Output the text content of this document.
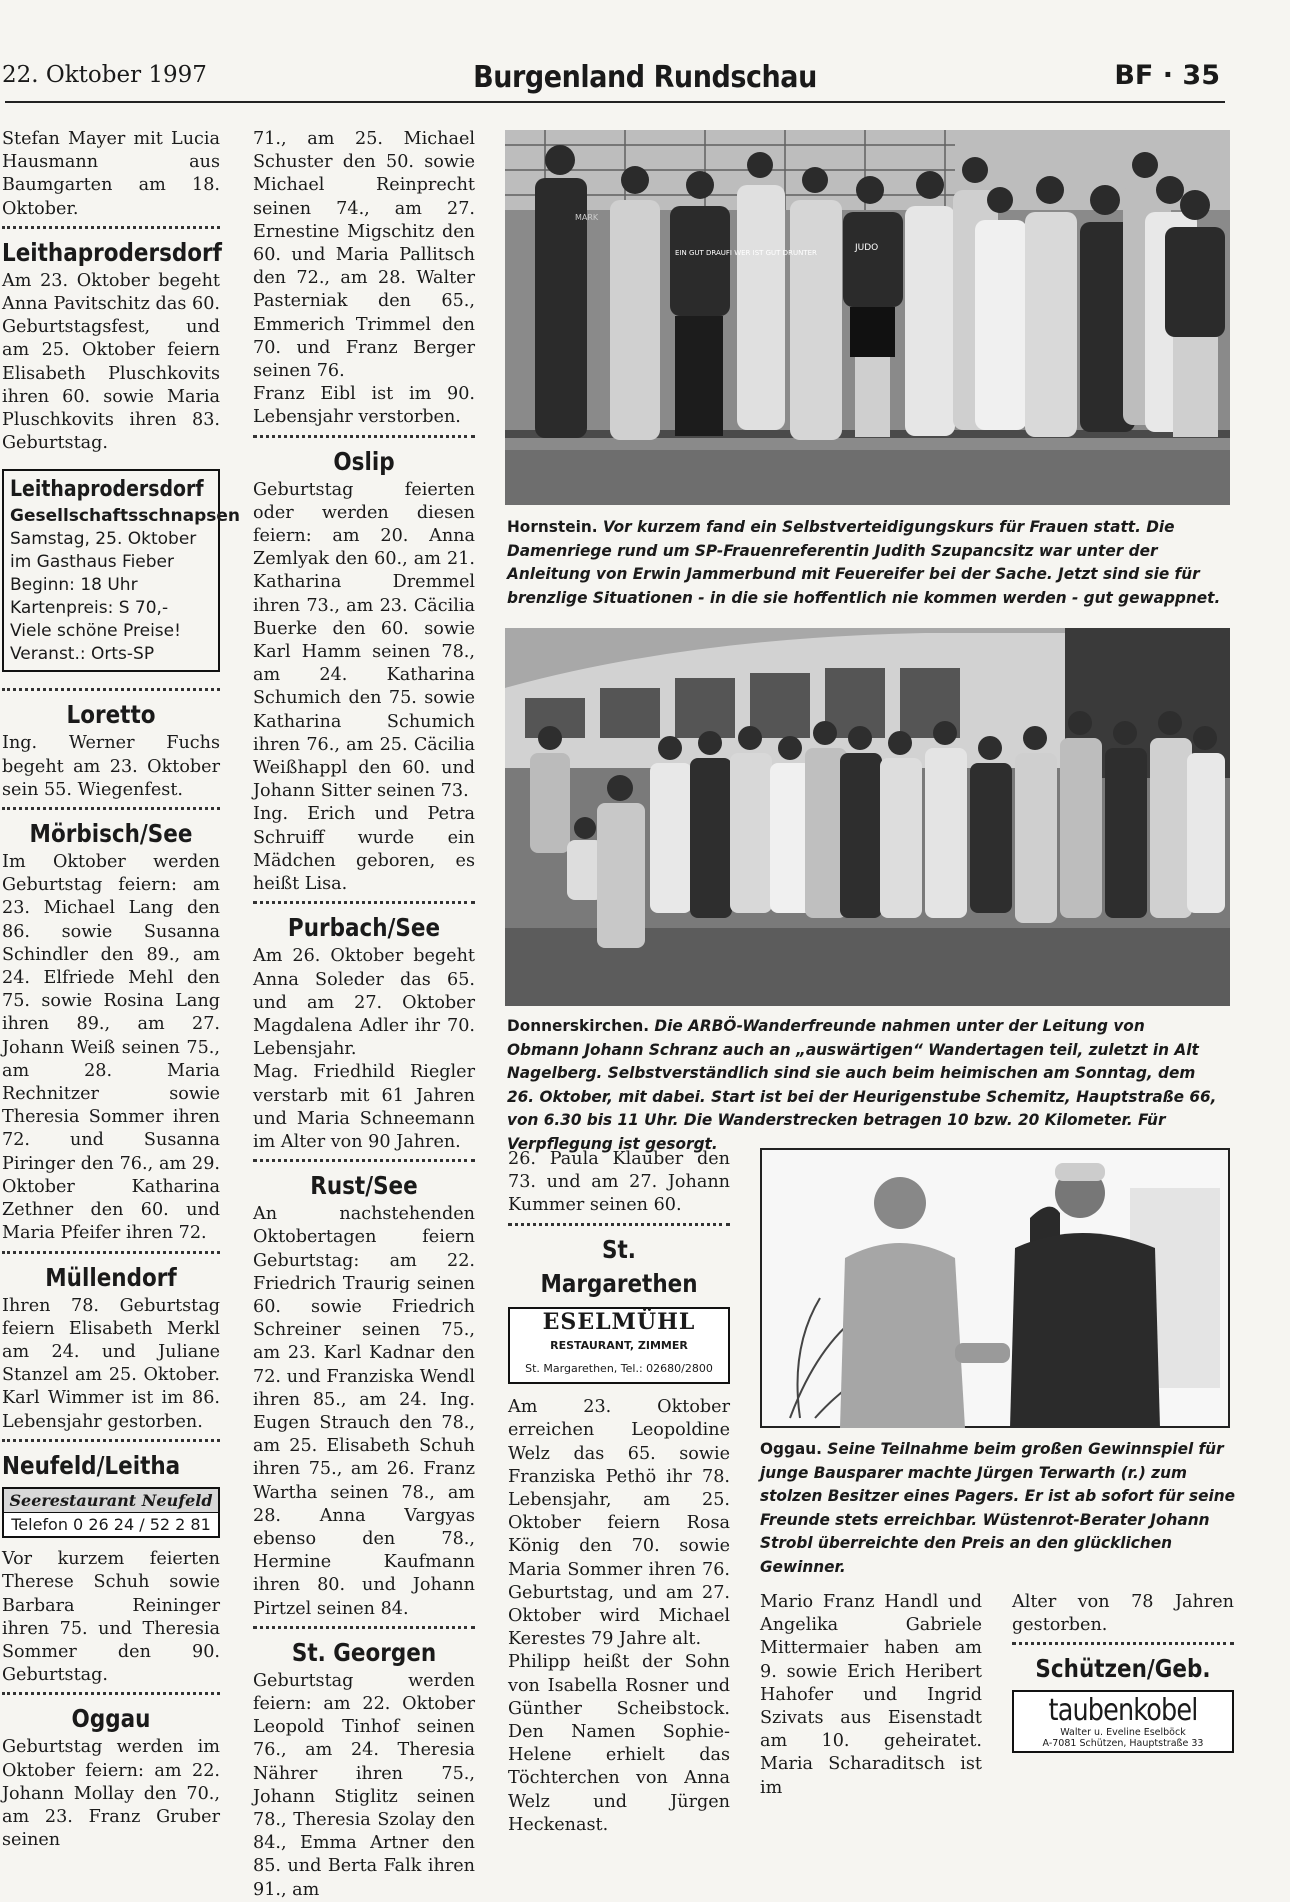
22. Oktober 1997	Burgenland Rundschau	BF · 35

Stefan Mayer mit Lucia Hausmann aus Baumgarten am 18. Oktober.

Leithaprodersdorf

Am 23. Oktober begeht Anna Pavitschitz das 60. Geburtstagsfest, und am 25. Oktober feiern Elisabeth Pluschkovits ihren 60. sowie Maria Pluschkovits ihren 83. Geburtstag.

Leithaprodersdorf
Gesellschaftsschnapsen
Samstag, 25. Oktober
im Gasthaus Fieber
Beginn: 18 Uhr
Kartenpreis: S 70,-
Viele schöne Preise!
Veranst.: Orts-SP
Loretto

Ing. Werner Fuchs begeht am 23. Oktober sein 55. Wiegenfest.

Mörbisch/See

Im Oktober werden Geburtstag feiern: am 23. Michael Lang den 86. sowie Susanna Schindler den 89., am 24. Elfriede Mehl den 75. sowie Rosina Lang ihren 89., am 27. Johann Weiß seinen 75., am 28. Maria Rechnitzer sowie Theresia Sommer ihren 72. und Susanna Piringer den 76., am 29. Oktober Katharina Zethner den 60. und Maria Pfeifer ihren 72.

Müllendorf

Ihren 78. Geburtstag feiern Elisabeth Merkl am 24. und Juliane Stanzel am 25. Oktober. Karl Wimmer ist im 86. Lebensjahr gestorben.

Neufeld/Leitha
Seerestaurant Neufeld
Telefon 0 26 24 / 52 2 81

Vor kurzem feierten Therese Schuh sowie Barbara Reininger ihren 75. und Theresia Sommer den 90. Geburtstag.

Oggau

Geburtstag werden im Oktober feiern: am 22. Johann Mollay den 70., am 23. Franz Gruber seinen

71., am 25. Michael Schuster den 50. sowie Michael Reinprecht seinen 74., am 27. Ernestine Migschitz den 60. und Maria Pallitsch den 72., am 28. Walter Pasterniak den 65., Emmerich Trimmel den 70. und Franz Berger seinen 76.

Franz Eibl ist im 90. Lebensjahr verstorben.

Oslip

Geburtstag feierten oder werden diesen feiern: am 20. Anna Zemlyak den 60., am 21. Katharina Dremmel ihren 73., am 23. Cäcilia Buerke den 60. sowie Karl Hamm seinen 78., am 24. Katharina Schumich den 75. sowie Katharina Schumich ihren 76., am 25. Cäcilia Weißhappl den 60. und Johann Sitter seinen 73.

Ing. Erich und Petra Schruiff wurde ein Mädchen geboren, es heißt Lisa.

Purbach/See

Am 26. Oktober begeht Anna Soleder das 65. und am 27. Oktober Magdalena Adler ihr 70. Lebensjahr.

Mag. Friedhild Riegler verstarb mit 61 Jahren und Maria Schneemann im Alter von 90 Jahren.

Rust/See

An nachstehenden Oktobertagen feiern Geburtstag: am 22. Friedrich Traurig seinen 60. sowie Friedrich Schreiner seinen 75., am 23. Karl Kadnar den 72. und Franziska Wendl ihren 85., am 24. Ing. Eugen Strauch den 78., am 25. Elisabeth Schuh ihren 75., am 26. Franz Wartha seinen 78., am 28. Anna Vargyas ebenso den 78., Hermine Kaufmann ihren 80. und Johann Pirtzel seinen 84.

St. Georgen

Geburtstag werden feiern: am 22. Oktober Leopold Tinhof seinen 76., am 24. Theresia Nährer ihren 75., Johann Stiglitz seinen 78., Theresia Szolay den 84., Emma Artner den 85. und Berta Falk ihren 91., am

EIN GUT DRAUFI WER IST GUT DRUNTER	JUDO
MARK
Hornstein. Vor kurzem fand ein Selbstverteidigungskurs für Frauen statt. Die Damenriege rund um SP-Frauenreferentin Judith Szupancsitz war unter der Anleitung von Erwin Jammerbund mit Feuereifer bei der Sache. Jetzt sind sie für brenzlige Situationen - in die sie hoffentlich nie kommen werden - gut gewappnet.
Donnerskirchen. Die ARBÖ-Wanderfreunde nahmen unter der Leitung von Obmann Johann Schranz auch an „auswärtigen“ Wandertagen teil, zuletzt in Alt Nagelberg. Selbstverständlich sind sie auch beim heimischen am Sonntag, dem 26. Oktober, mit dabei. Start ist bei der Heurigenstube Schemitz, Hauptstraße 66, von 6.30 bis 11 Uhr. Die Wanderstrecken betragen 10 bzw. 20 Kilometer. Für Verpflegung ist gesorgt.

26. Paula Klauber den 73. und am 27. Johann Kummer seinen 60.

St. Margarethen
ESELMÜHL
RESTAURANT, ZIMMER
St. Margarethen, Tel.: 02680/2800

Am 23. Oktober erreichen Leopoldine Welz das 65. sowie Franziska Pethö ihr 78. Lebensjahr, am 25. Oktober feiern Rosa König den 70. sowie Maria Sommer ihren 76. Geburtstag, und am 27. Oktober wird Michael Kerestes 79 Jahre alt.

Philipp heißt der Sohn von Isabella Rosner und Günther Scheibstock. Den Namen Sophie-Helene erhielt das Töchterchen von Anna Welz und Jürgen Heckenast.

Oggau. Seine Teilnahme beim großen Gewinnspiel für junge Bausparer machte Jürgen Terwarth (r.) zum stolzen Besitzer eines Pagers. Er ist ab sofort für seine Freunde stets erreichbar. Wüstenrot-Berater Johann Strobl überreichte den Preis an den glücklichen Gewinner.

Mario Franz Handl und Angelika Gabriele Mittermaier haben am 9. sowie Erich Heribert Hahofer und Ingrid Szivats aus Eisenstadt am 10. geheiratet. Maria Scharaditsch ist im

Alter von 78 Jahren gestorben.

Schützen/Geb.
taubenkobel
Walter u. Eveline Eselböck
A-7081 Schützen, Hauptstraße 33
